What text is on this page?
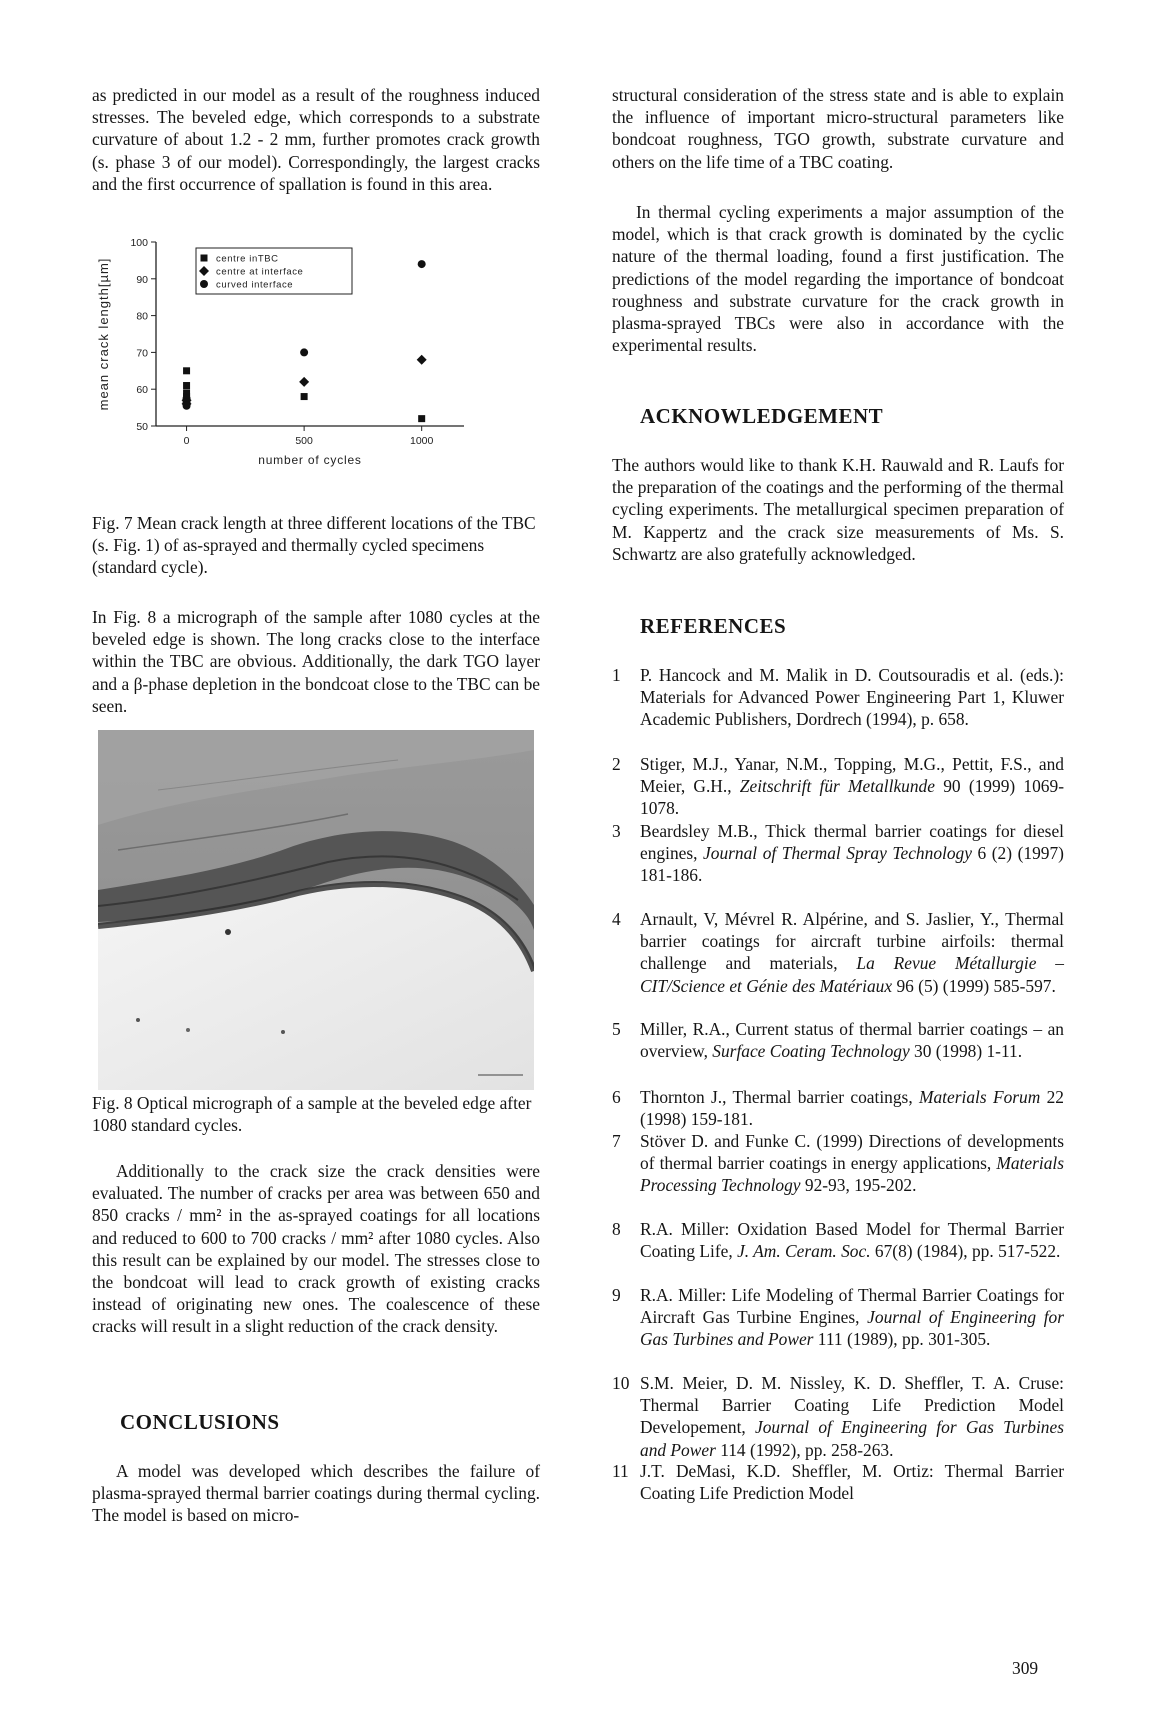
as predicted in our model as a result of the roughness induced stresses. The beveled edge, which corresponds to a substrate curvature of about 1.2 - 2 mm, further promotes crack growth (s. phase 3 of our model). Correspondingly, the largest cracks and the first occurrence of spallation is found in this area.

50
60
70
80
90
100
0	500	1000
number of cycles
mean crack length[µm]	centre inTBC
centre at interface
curved interface

Fig. 7 Mean crack length at three different locations of the TBC (s. Fig. 1) of as-sprayed and thermally cycled specimens (standard cycle).

In Fig. 8 a micrograph of the sample after 1080 cycles at the beveled edge is shown. The long cracks close to the interface within the TBC are obvious. Additionally, the dark TGO layer and a β-phase depletion in the bondcoat close to the TBC can be seen.

Fig. 8 Optical micrograph of a sample at the beveled edge after 1080 standard cycles.

Additionally to the crack size the crack densities were evaluated. The number of cracks per area was between 650 and 850 cracks / mm² in the as-sprayed coatings for all locations and reduced to 600 to 700 cracks / mm² after 1080 cycles. Also this result can be explained by our model. The stresses close to the bondcoat will lead to crack growth of existing cracks instead of originating new ones. The coalescence of these cracks will result in a slight reduction of the crack density.

CONCLUSIONS

A model was developed which describes the failure of plasma-sprayed thermal barrier coatings during thermal cycling. The model is based on micro-

structural consideration of the stress state and is able to explain the influence of important micro-structural parameters like bondcoat roughness, TGO growth, substrate curvature and others on the life time of a TBC coating.

In thermal cycling experiments a major assumption of the model, which is that crack growth is dominated by the cyclic nature of the thermal loading, found a first justification. The predictions of the model regarding the importance of bondcoat roughness and substrate curvature for the crack growth in plasma-sprayed TBCs were also in accordance with the experimental results.

ACKNOWLEDGEMENT

The authors would like to thank K.H. Rauwald and R. Laufs for the preparation of the coatings and the performing of the thermal cycling experiments. The metallurgical specimen preparation of M. Kappertz and the crack size measurements of Ms. S. Schwartz are also gratefully acknowledged.

REFERENCES
1	P. Hancock and M. Malik in D. Coutsouradis et al. (eds.): Materials for Advanced Power Engineering Part 1, Kluwer Academic Publishers, Dordrech (1994), p. 658.
2	Stiger, M.J., Yanar, N.M., Topping, M.G., Pettit, F.S., and Meier, G.H., Zeitschrift für Metallkunde 90 (1999) 1069-1078.
3	Beardsley M.B., Thick thermal barrier coatings for diesel engines, Journal of Thermal Spray Technology 6 (2) (1997) 181-186.
4	Arnault, V, Mévrel R. Alpérine, and S. Jaslier, Y., Thermal barrier coatings for aircraft turbine airfoils: thermal challenge and materials, La Revue Métallurgie – CIT/Science et Génie des Matériaux 96 (5) (1999) 585-597.
5	Miller, R.A., Current status of thermal barrier coatings – an overview, Surface Coating Technology 30 (1998) 1-11.
6	Thornton J., Thermal barrier coatings, Materials Forum 22 (1998) 159-181.
7	Stöver D. and Funke C. (1999) Directions of developments of thermal barrier coatings in energy applications, Materials Processing Technology 92-93, 195-202.
8	R.A. Miller: Oxidation Based Model for Thermal Barrier Coating Life, J. Am. Ceram. Soc. 67(8) (1984), pp. 517-522.
9	R.A. Miller: Life Modeling of Thermal Barrier Coatings for Aircraft Gas Turbine Engines, Journal of Engineering for Gas Turbines and Power 111 (1989), pp. 301-305.
10 S.M. Meier, D. M. Nissley, K. D. Sheffler, T. A. Cruse: Thermal Barrier Coating Life Prediction Model Developement, Journal of Engineering for Gas Turbines and Power 114 (1992), pp. 258-263.
11 J.T. DeMasi, K.D. Sheffler, M. Ortiz: Thermal Barrier Coating Life Prediction Model
309
